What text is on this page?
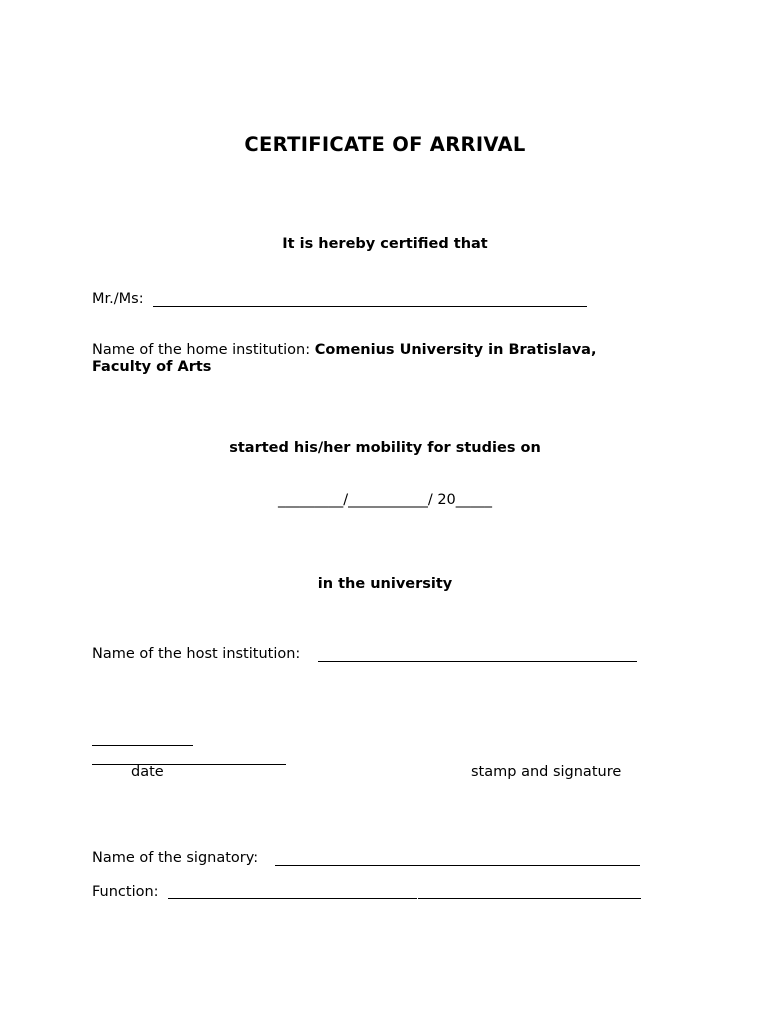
CERTIFICATE OF ARRIVAL
It is hereby certified that
Mr./Ms:
Name of the home institution: Comenius University in Bratislava,
Faculty of Arts
started his/her mobility for studies on
_________/___________/ 20_____
in the university
Name of the host institution:
date	stamp and signature
Name of the signatory:
Function:
